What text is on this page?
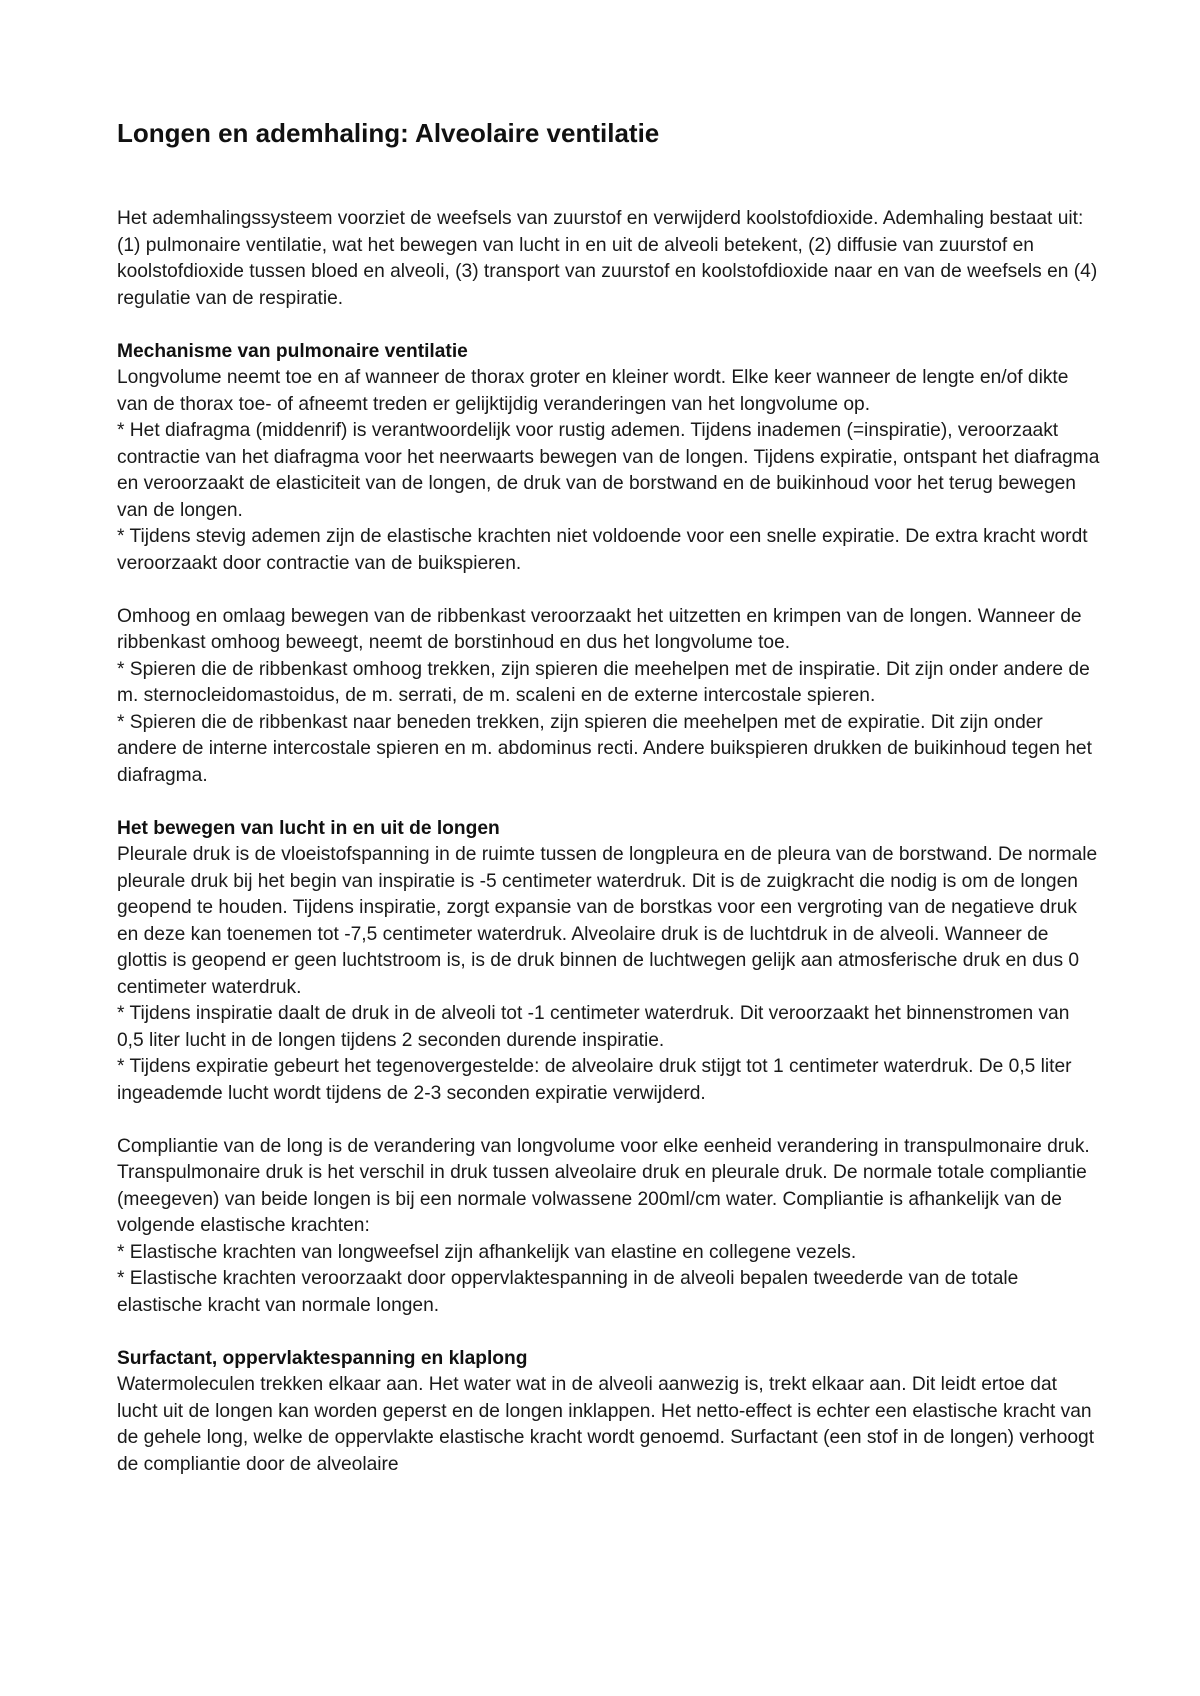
Longen en ademhaling: Alveolaire ventilatie

Het ademhalingssysteem voorziet de weefsels van zuurstof en verwijderd koolstofdioxide. Ademhaling bestaat uit: (1) pulmonaire ventilatie, wat het bewegen van lucht in en uit de alveoli betekent, (2) diffusie van zuurstof en koolstofdioxide tussen bloed en alveoli, (3) transport van zuurstof en koolstofdioxide naar en van de weefsels en (4) regulatie van de respiratie.

Mechanisme van pulmonaire ventilatie

Longvolume neemt toe en af wanneer de thorax groter en kleiner wordt. Elke keer wanneer de lengte en/of dikte van de thorax toe- of afneemt treden er gelijktijdig veranderingen van het longvolume op.

* Het diafragma (middenrif) is verantwoordelijk voor rustig ademen. Tijdens inademen (=inspiratie), veroorzaakt contractie van het diafragma voor het neerwaarts bewegen van de longen. Tijdens expiratie, ontspant het diafragma en veroorzaakt de elasticiteit van de longen, de druk van de borstwand en de buikinhoud voor het terug bewegen van de longen.

* Tijdens stevig ademen zijn de elastische krachten niet voldoende voor een snelle expiratie. De extra kracht wordt veroorzaakt door contractie van de buikspieren.

Omhoog en omlaag bewegen van de ribbenkast veroorzaakt het uitzetten en krimpen van de longen. Wanneer de ribbenkast omhoog beweegt, neemt de borstinhoud en dus het longvolume toe.

* Spieren die de ribbenkast omhoog trekken, zijn spieren die meehelpen met de inspiratie. Dit zijn onder andere de m. sternocleidomastoidus, de m. serrati, de m. scaleni en de externe intercostale spieren.

* Spieren die de ribbenkast naar beneden trekken, zijn spieren die meehelpen met de expiratie. Dit zijn onder andere de interne intercostale spieren en m. abdominus recti. Andere buikspieren drukken de buikinhoud tegen het diafragma.

Het bewegen van lucht in en uit de longen

Pleurale druk is de vloeistofspanning in de ruimte tussen de longpleura en de pleura van de borstwand. De normale pleurale druk bij het begin van inspiratie is -5 centimeter waterdruk. Dit is de zuigkracht die nodig is om de longen geopend te houden. Tijdens inspiratie, zorgt expansie van de borstkas voor een vergroting van de negatieve druk en deze kan toenemen tot -7,5 centimeter waterdruk. Alveolaire druk is de luchtdruk in de alveoli. Wanneer de glottis is geopend er geen luchtstroom is, is de druk binnen de luchtwegen gelijk aan atmosferische druk en dus 0 centimeter waterdruk.

* Tijdens inspiratie daalt de druk in de alveoli tot -1 centimeter waterdruk. Dit veroorzaakt het binnenstromen van 0,5 liter lucht in de longen tijdens 2 seconden durende inspiratie.

* Tijdens expiratie gebeurt het tegenovergestelde: de alveolaire druk stijgt tot 1 centimeter waterdruk. De 0,5 liter ingeademde lucht wordt tijdens de 2-3 seconden expiratie verwijderd.

Compliantie van de long is de verandering van longvolume voor elke eenheid verandering in transpulmonaire druk. Transpulmonaire druk is het verschil in druk tussen alveolaire druk en pleurale druk. De normale totale compliantie (meegeven) van beide longen is bij een normale volwassene 200ml/cm water. Compliantie is afhankelijk van de volgende elastische krachten:

* Elastische krachten van longweefsel zijn afhankelijk van elastine en collegene vezels.

* Elastische krachten veroorzaakt door oppervlaktespanning in de alveoli bepalen tweederde van de totale elastische kracht van normale longen.

Surfactant, oppervlaktespanning en klaplong

Watermoleculen trekken elkaar aan. Het water wat in de alveoli aanwezig is, trekt elkaar aan. Dit leidt ertoe dat lucht uit de longen kan worden geperst en de longen inklappen. Het netto-effect is echter een elastische kracht van de gehele long, welke de oppervlakte elastische kracht wordt genoemd. Surfactant (een stof in de longen) verhoogt de compliantie door de alveolaire
